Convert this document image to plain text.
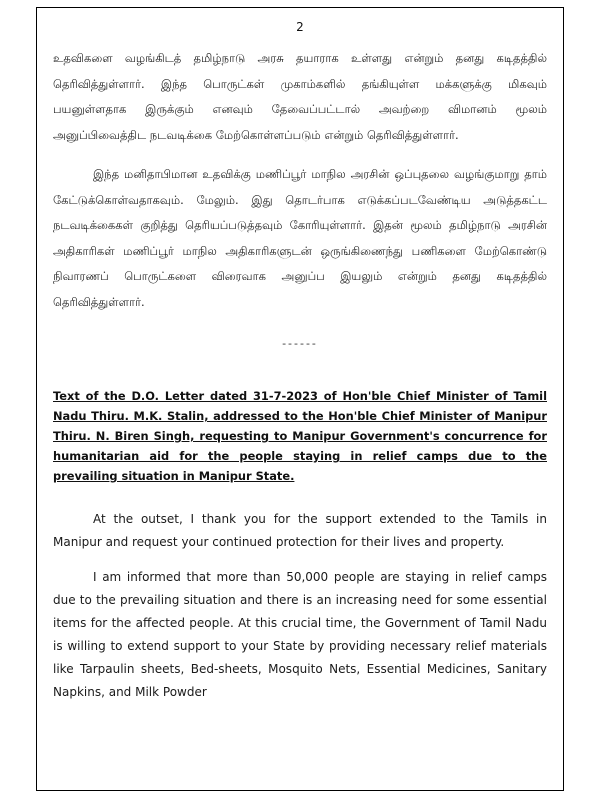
2

உதவிகளை வழங்கிடத் தமிழ்நாடு அரசு தயாராக உள்ளது என்றும் தனது கடிதத்தில் தெரிவித்துள்ளார். இந்த பொருட்கள் முகாம்களில் தங்கியுள்ள மக்களுக்கு மிகவும் பயனுள்ளதாக இருக்கும் எனவும் தேவைப்பட்டால் அவற்றை விமானம் மூலம் அனுப்பிவைத்திட நடவடிக்கை மேற்கொள்ளப்படும் என்றும் தெரிவித்துள்ளார்.

இந்த மனிதாபிமான உதவிக்கு மணிப்பூர் மாநில அரசின் ஒப்புதலை வழங்குமாறு தாம் கேட்டுக்கொள்வதாகவும். மேலும். இது தொடர்பாக எடுக்கப்படவேண்டிய அடுத்தகட்ட நடவடிக்கைகள் குறித்து தெரியப்படுத்தவும் கோரியுள்ளார். இதன் மூலம் தமிழ்நாடு அரசின் அதிகாரிகள் மணிப்பூர் மாநில அதிகாரிகளுடன் ஒருங்கிணைந்து பணிகளை மேற்கொண்டு நிவாரணப் பொருட்களை விரைவாக அனுப்ப இயலும் என்றும் தனது கடிதத்தில் தெரிவித்துள்ளார்.

------

Text of the D.O. Letter dated 31-7-2023 of Hon'ble Chief Minister of Tamil Nadu Thiru. M.K. Stalin, addressed to the Hon'ble Chief Minister of Manipur Thiru. N. Biren Singh, requesting to Manipur Government's concurrence for humanitarian aid for the people staying in relief camps due to the prevailing situation in Manipur State.

At the outset, I thank you for the support extended to the Tamils in Manipur and request your continued protection for their lives and property.

I am informed that more than 50,000 people are staying in relief camps due to the prevailing situation and there is an increasing need for some essential items for the affected people. At this crucial time, the Government of Tamil Nadu is willing to extend support to your State by providing necessary relief materials like Tarpaulin sheets, Bed-sheets, Mosquito Nets, Essential Medicines, Sanitary Napkins, and Milk Powder
